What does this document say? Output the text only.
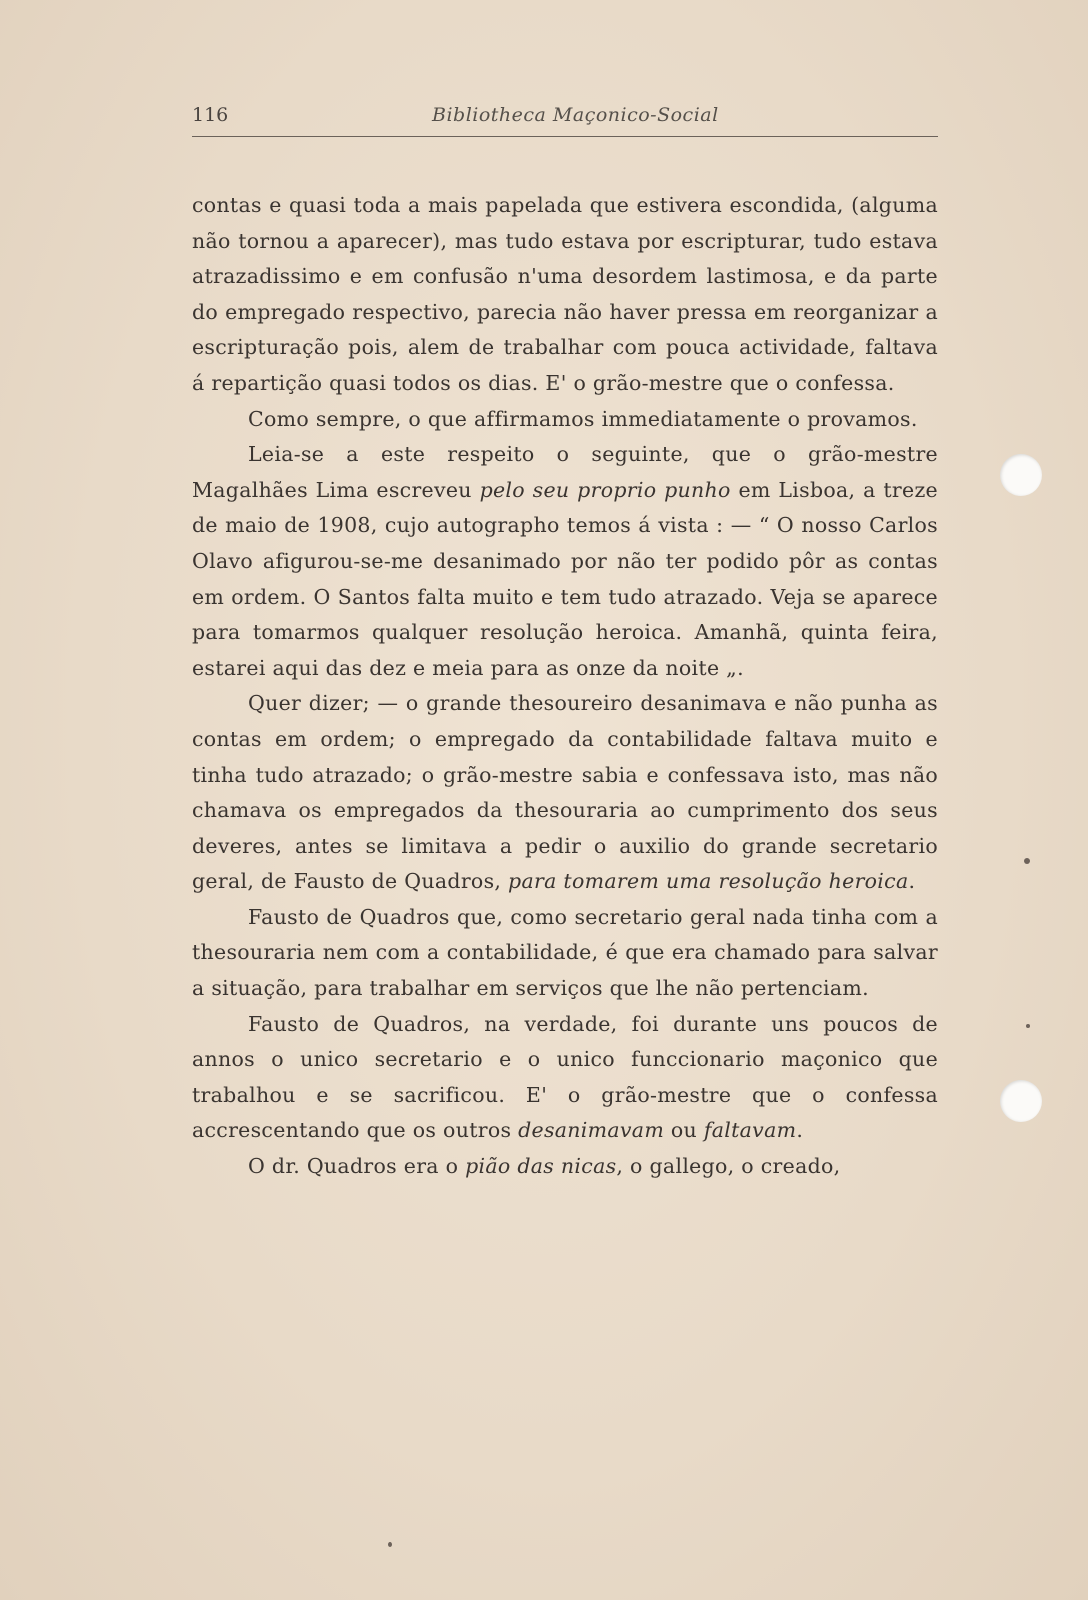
116	Bibliotheca Maçonico-Social

contas e quasi toda a mais papelada que estivera escondida, (alguma não tornou a aparecer), mas tudo estava por escripturar, tudo estava atrazadissimo e em confusão n'uma desordem lastimosa, e da parte do empregado respectivo, parecia não haver pressa em reorganizar a escripturação pois, alem de trabalhar com pouca actividade, faltava á repartição quasi todos os dias. E' o grão-mestre que o confessa.

Como sempre, o que affirmamos immediatamente o provamos.

Leia-se a este respeito o seguinte, que o grão-mestre Magalhães Lima escreveu pelo seu proprio punho em Lisboa, a treze de maio de 1908, cujo autographo temos á vista : — “ O nosso Carlos Olavo afigurou-se-me desanimado por não ter podido pôr as contas em ordem. O Santos falta muito e tem tudo atrazado. Veja se aparece para tomarmos qualquer resolução heroica. Amanhã, quinta feira, estarei aqui das dez e meia para as onze da noite „.

Quer dizer; — o grande thesoureiro desanimava e não punha as contas em ordem; o empregado da contabilidade faltava muito e tinha tudo atrazado; o grão-mestre sabia e confessava isto, mas não chamava os empregados da thesouraria ao cumprimento dos seus deveres, antes se limitava a pedir o auxilio do grande secretario geral, de Fausto de Quadros, para tomarem uma resolução heroica.

Fausto de Quadros que, como secretario geral nada tinha com a thesouraria nem com a contabilidade, é que era chamado para salvar a situação, para trabalhar em serviços que lhe não pertenciam.

Fausto de Quadros, na verdade, foi durante uns poucos de annos o unico secretario e o unico funccionario maçonico que trabalhou e se sacrificou. E' o grão-mestre que o confessa accrescentando que os outros desanimavam ou faltavam.

O dr. Quadros era o pião das nicas, o gallego, o creado,
